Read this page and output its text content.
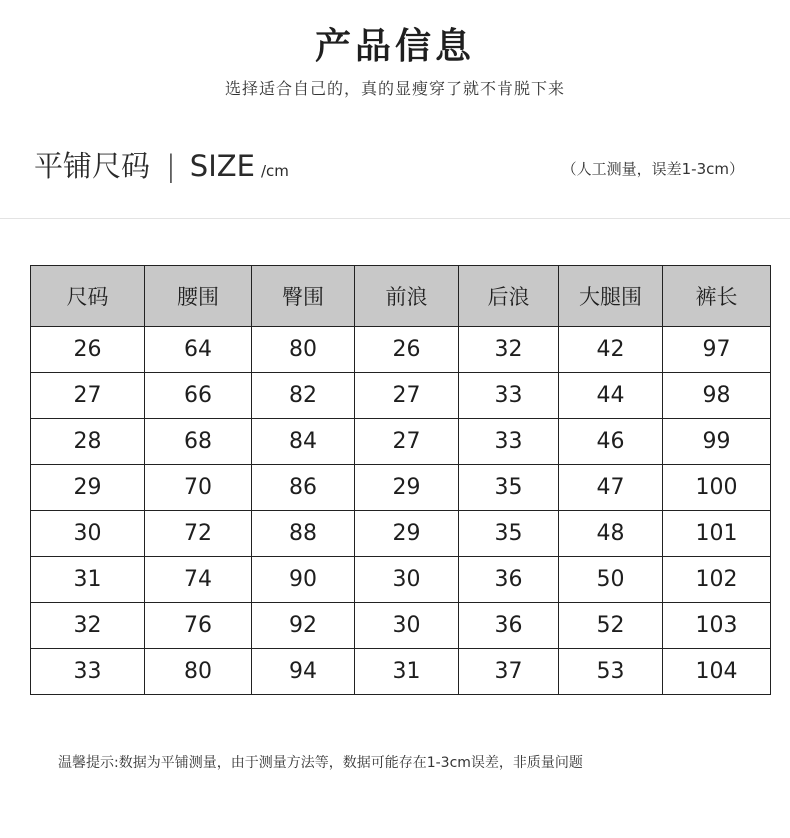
产品信息
选择适合自己的，真的显瘦穿了就不肯脱下来
平铺尺码 | SIZE /cm	（人工测量，误差1-3cm）
尺码	腰围	臀围	前浪	后浪	大腿围	裤长
26	64	80	26	32	42	97
27	66	82	27	33	44	98
28	68	84	27	33	46	99
29	70	86	29	35	47	100
30	72	88	29	35	48	101
31	74	90	30	36	50	102
32	76	92	30	36	52	103
33	80	94	31	37	53	104
温馨提示:数据为平铺测量，由于测量方法等，数据可能存在1-3cm误差，非质量问题
